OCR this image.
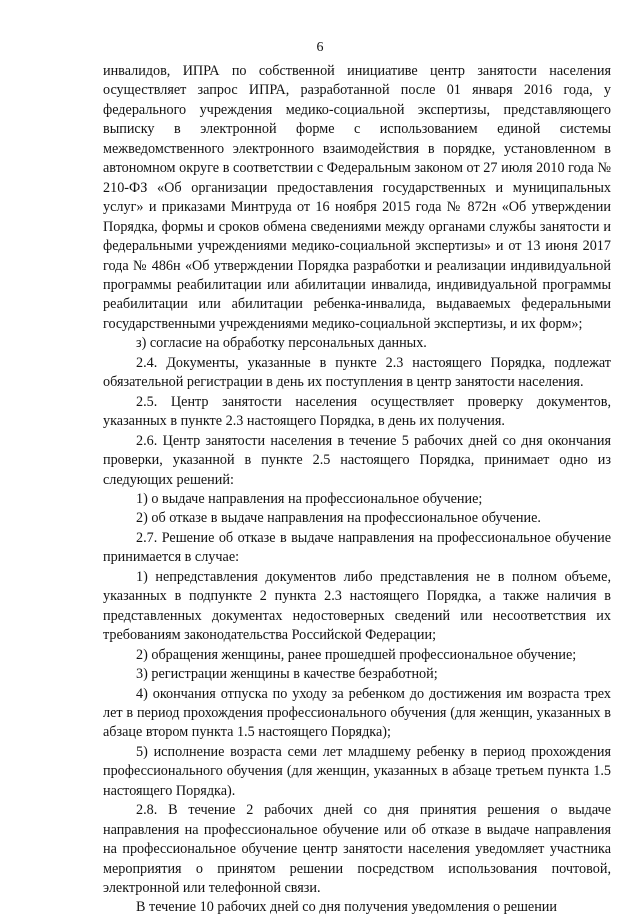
6

инвалидов, ИПРА по собственной инициативе центр занятости населения осуществляет запрос ИПРА, разработанной после 01 января 2016 года, у федерального учреждения медико-социальной экспертизы, представляющего выписку в электронной форме с использованием единой системы межведомственного электронного взаимодействия в порядке, установленном в автономном округе в соответствии с Федеральным законом от 27 июля 2010 года № 210-ФЗ «Об организации предоставления государственных и муниципальных услуг» и приказами Минтруда от 16 ноября 2015 года № 872н «Об утверждении Порядка, формы и сроков обмена сведениями между органами службы занятости и федеральными учреждениями медико-социальной экспертизы» и от 13 июня 2017 года № 486н «Об утверждении Порядка разработки и реализации индивидуальной программы реабилитации или абилитации инвалида, индивидуальной программы реабилитации или абилитации ребенка-инвалида, выдаваемых федеральными государственными учреждениями медико-социальной экспертизы, и их форм»;

з) согласие на обработку персональных данных.

2.4. Документы, указанные в пункте 2.3 настоящего Порядка, подлежат обязательной регистрации в день их поступления в центр занятости населения.

2.5. Центр занятости населения осуществляет проверку документов, указанных в пункте 2.3 настоящего Порядка, в день их получения.

2.6. Центр занятости населения в течение 5 рабочих дней со дня окончания проверки, указанной в пункте 2.5 настоящего Порядка, принимает одно из следующих решений:

1) о выдаче направления на профессиональное обучение;

2) об отказе в выдаче направления на профессиональное обучение.

2.7. Решение об отказе в выдаче направления на профессиональное обучение принимается в случае:

1) непредставления документов либо представления не в полном объеме, указанных в подпункте 2 пункта 2.3 настоящего Порядка, а также наличия в представленных документах недостоверных сведений или несоответствия их требованиям законодательства Российской Федерации;

2) обращения женщины, ранее прошедшей профессиональное обучение;

3) регистрации женщины в качестве безработной;

4) окончания отпуска по уходу за ребенком до достижения им возраста трех лет в период прохождения профессионального обучения (для женщин, указанных в абзаце втором пункта 1.5 настоящего Порядка);

5) исполнение возраста семи лет младшему ребенку в период прохождения профессионального обучения (для женщин, указанных в абзаце третьем пункта 1.5 настоящего Порядка).

2.8. В течение 2 рабочих дней со дня принятия решения о выдаче направления на профессиональное обучение или об отказе в выдаче направления на профессиональное обучение центр занятости населения уведомляет участника мероприятия о принятом решении посредством использования почтовой, электронной или телефонной связи.

В течение 10 рабочих дней со дня получения уведомления о решении
